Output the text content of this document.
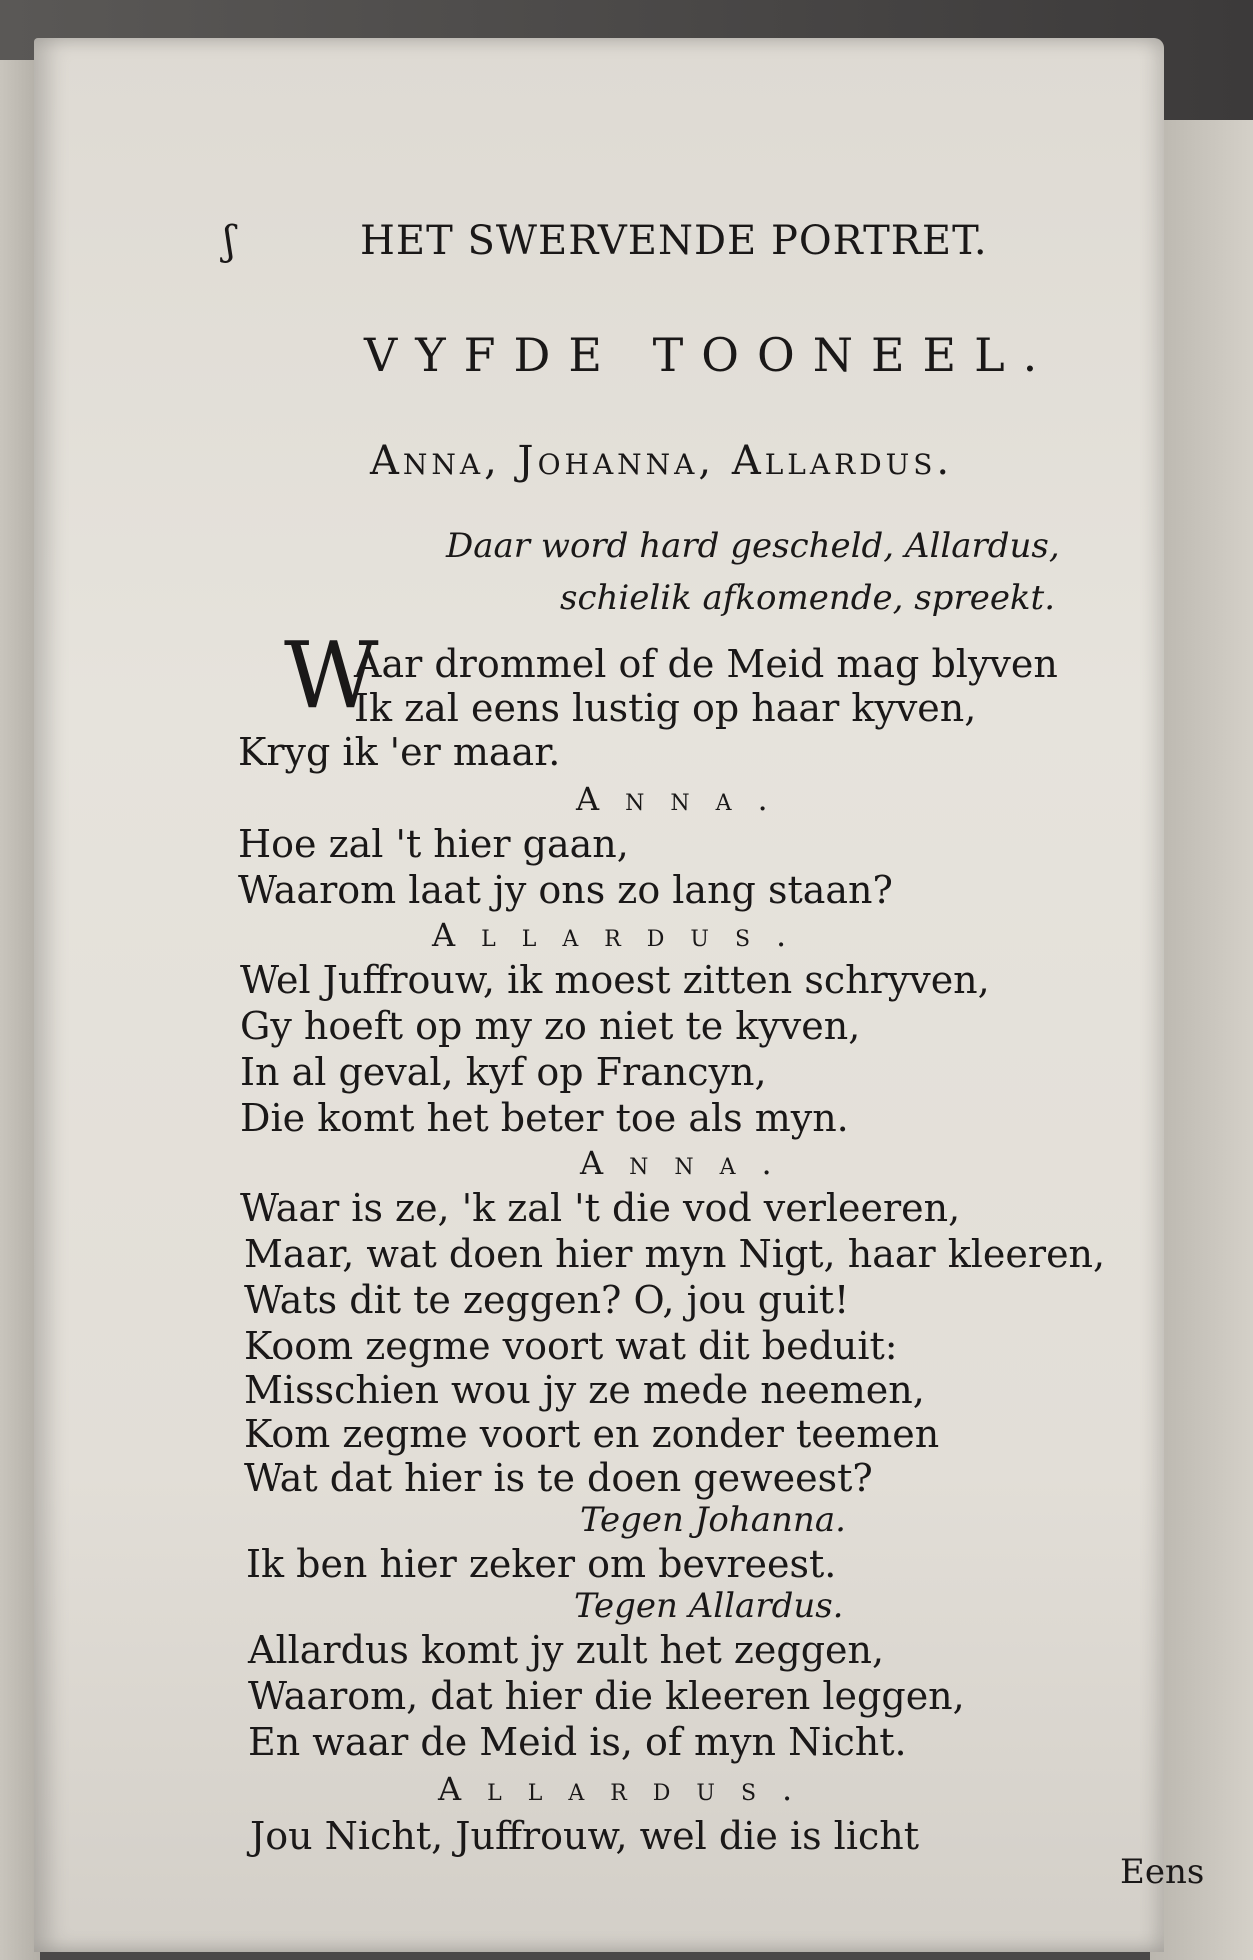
ʃ	HET SWERVENDE PORTRET.
VYFDE TOONEEL.
Anna, Johanna, Allardus.
Daar word hard gescheld, Allardus,
schielik afkomende, spreekt.
W
Aar drommel of de Meid mag blyven
Ik zal eens lustig op haar kyven,
Kryg ik 'er maar.
Anna.
Hoe zal 't hier gaan,
Waarom laat jy ons zo lang staan?
Allardus.
Wel Juffrouw, ik moest zitten schryven,
Gy hoeft op my zo niet te kyven,
In al geval, kyf op Francyn,
Die komt het beter toe als myn.
Anna.
Waar is ze, 'k zal 't die vod verleeren,
Maar, wat doen hier myn Nigt, haar kleeren,
Wats dit te zeggen? O, jou guit!
Koom zegme voort wat dit beduit:
Misschien wou jy ze mede neemen,
Kom zegme voort en zonder teemen
Wat dat hier is te doen geweest?
Tegen Johanna.
Ik ben hier zeker om bevreest.
Tegen Allardus.
Allardus komt jy zult het zeggen,
Waarom, dat hier die kleeren leggen,
En waar de Meid is, of myn Nicht.
Allardus.
Jou Nicht, Juffrouw, wel die is licht
Eens
